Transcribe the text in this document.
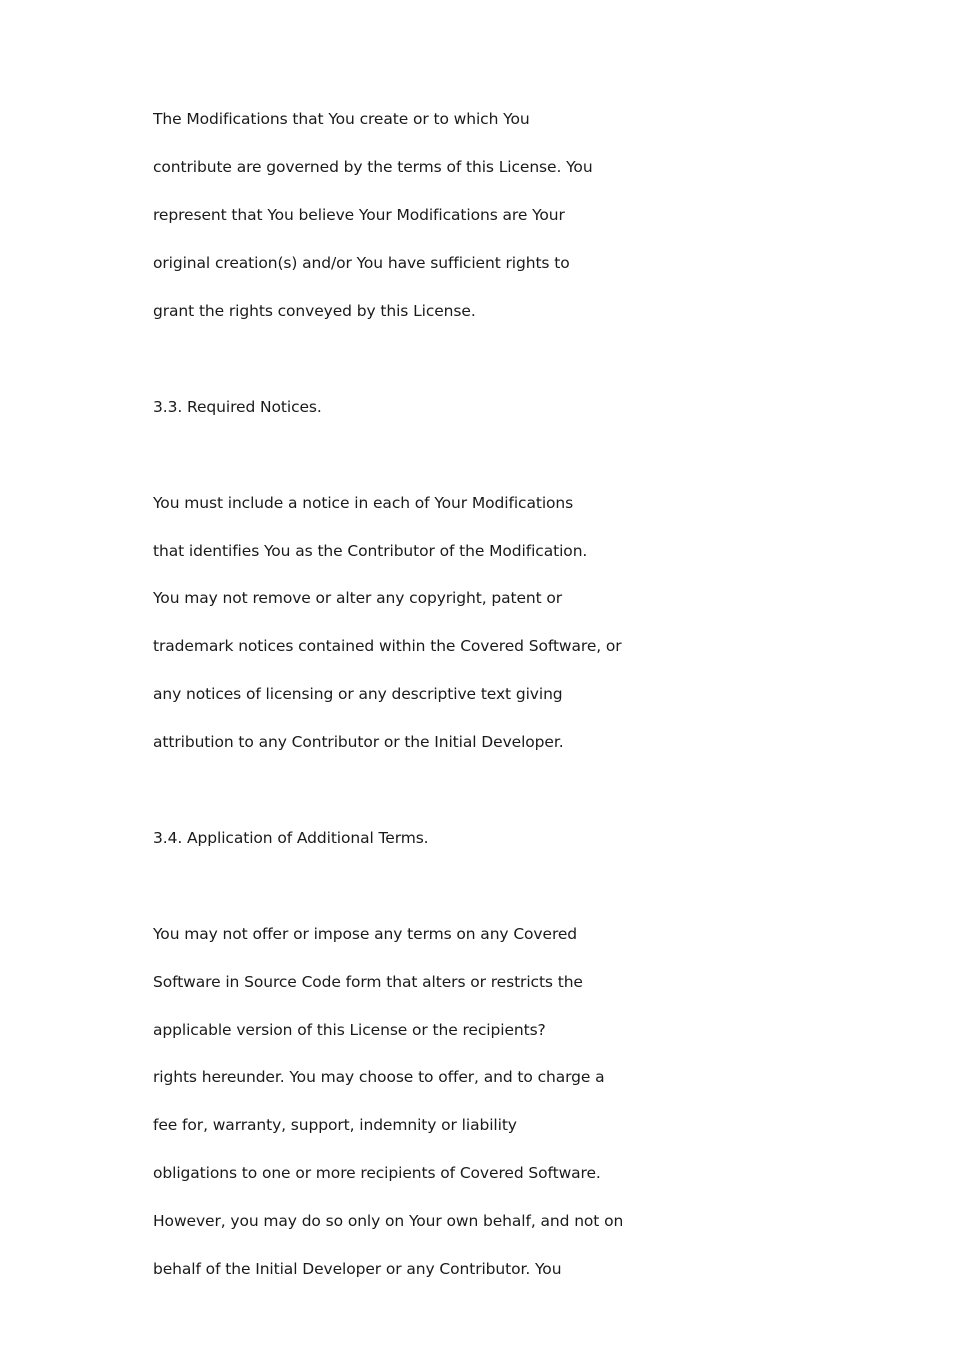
The Modifications that You create or to which You
contribute are governed by the terms of this License. You
represent that You believe Your Modifications are Your
original creation(s) and/or You have sufficient rights to
grant the rights conveyed by this License.
3.3. Required Notices.
You must include a notice in each of Your Modifications
that identifies You as the Contributor of the Modification.
You may not remove or alter any copyright, patent or
trademark notices contained within the Covered Software, or
any notices of licensing or any descriptive text giving
attribution to any Contributor or the Initial Developer.
3.4. Application of Additional Terms.
You may not offer or impose any terms on any Covered
Software in Source Code form that alters or restricts the
applicable version of this License or the recipients?
rights hereunder. You may choose to offer, and to charge a
fee for, warranty, support, indemnity or liability
obligations to one or more recipients of Covered Software.
However, you may do so only on Your own behalf, and not on
behalf of the Initial Developer or any Contributor. You
